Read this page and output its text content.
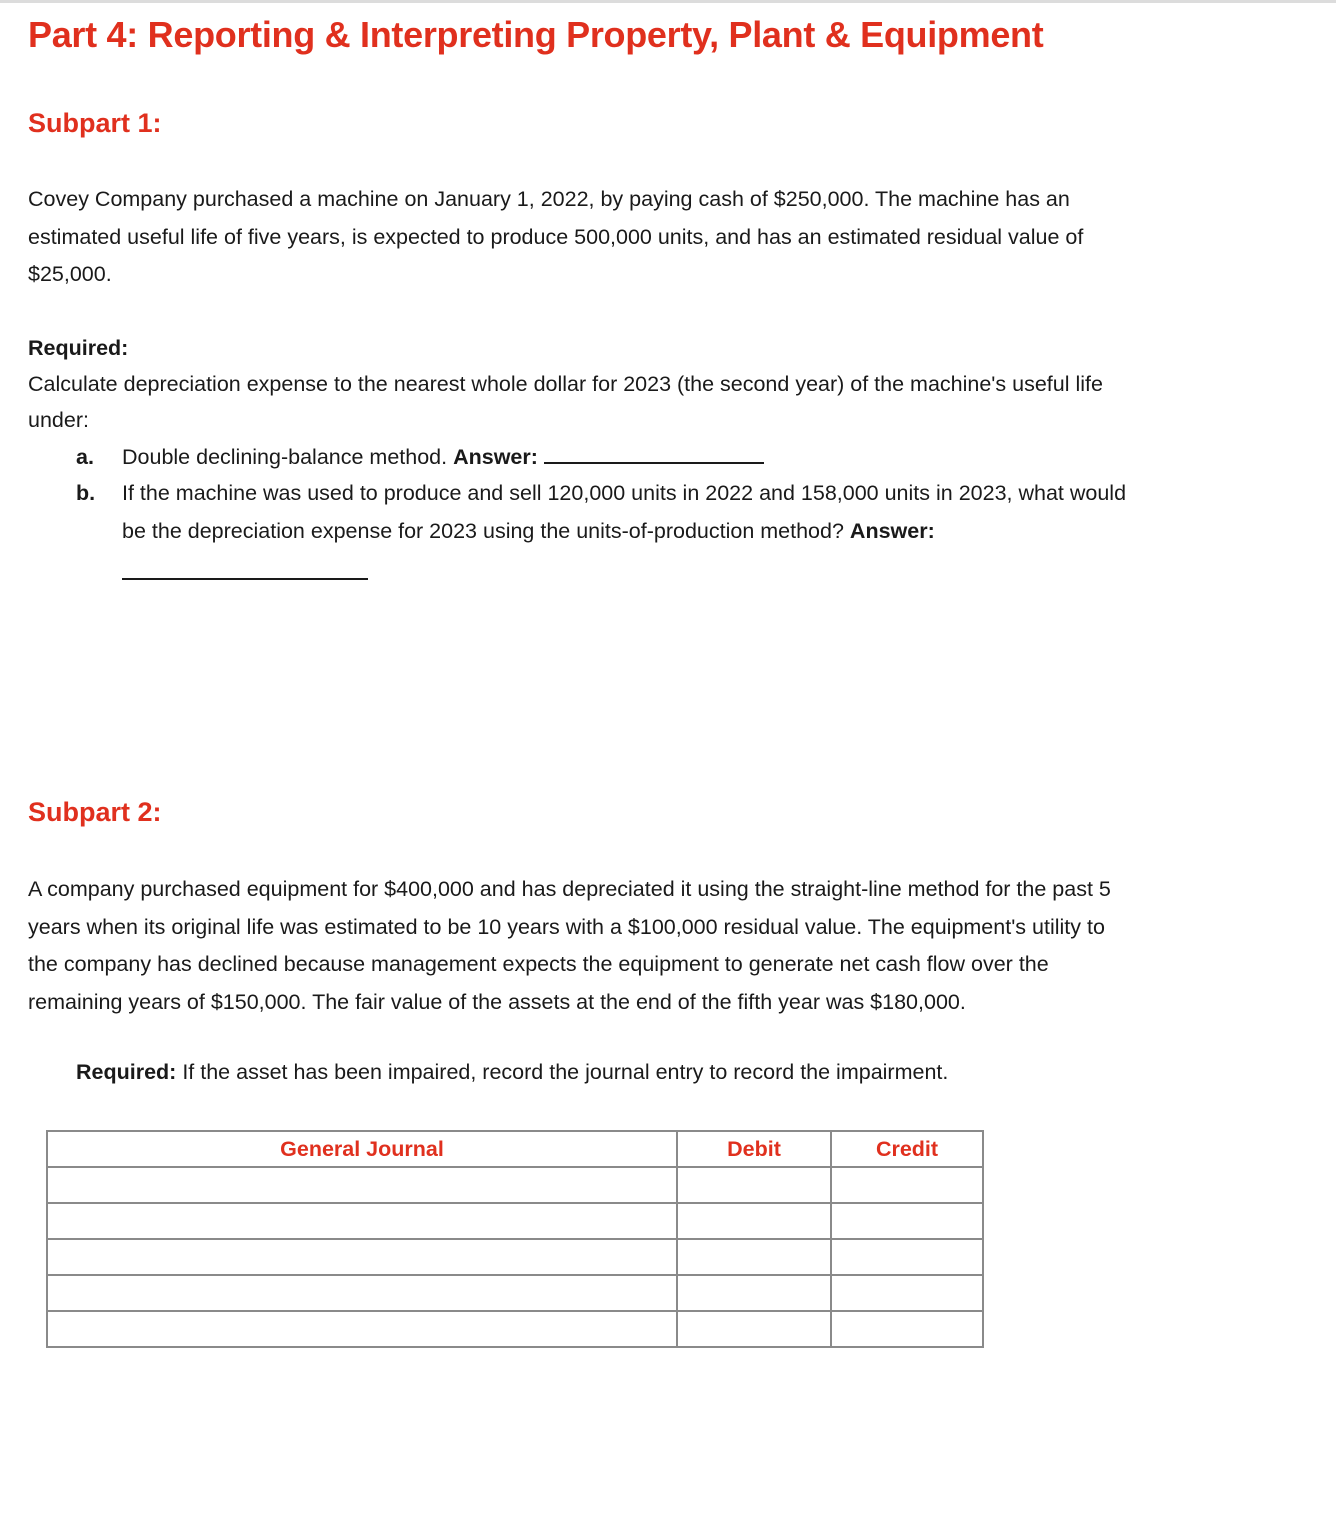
Part 4: Reporting & Interpreting Property, Plant & Equipment
Subpart 1:

Covey Company purchased a machine on January 1, 2022, by paying cash of $250,000. The machine has an
estimated useful life of five years, is expected to produce 500,000 units, and has an estimated residual value of
$25,000.

Required:

Calculate depreciation expense to the nearest whole dollar for 2023 (the second year) of the machine's useful life
under:

a. Double declining-balance method. Answer:
b. If the machine was used to produce and sell 120,000 units in 2022 and 158,000 units in 2023, what would
be the depreciation expense for 2023 using the units-of-production method? Answer:
Subpart 2:

A company purchased equipment for $400,000 and has depreciated it using the straight-line method for the past 5
years when its original life was estimated to be 10 years with a $100,000 residual value. The equipment's utility to
the company has declined because management expects the equipment to generate net cash flow over the
remaining years of $150,000. The fair value of the assets at the end of the fifth year was $180,000.

Required: If the asset has been impaired, record the journal entry to record the impairment.

General Journal	Debit	Credit
